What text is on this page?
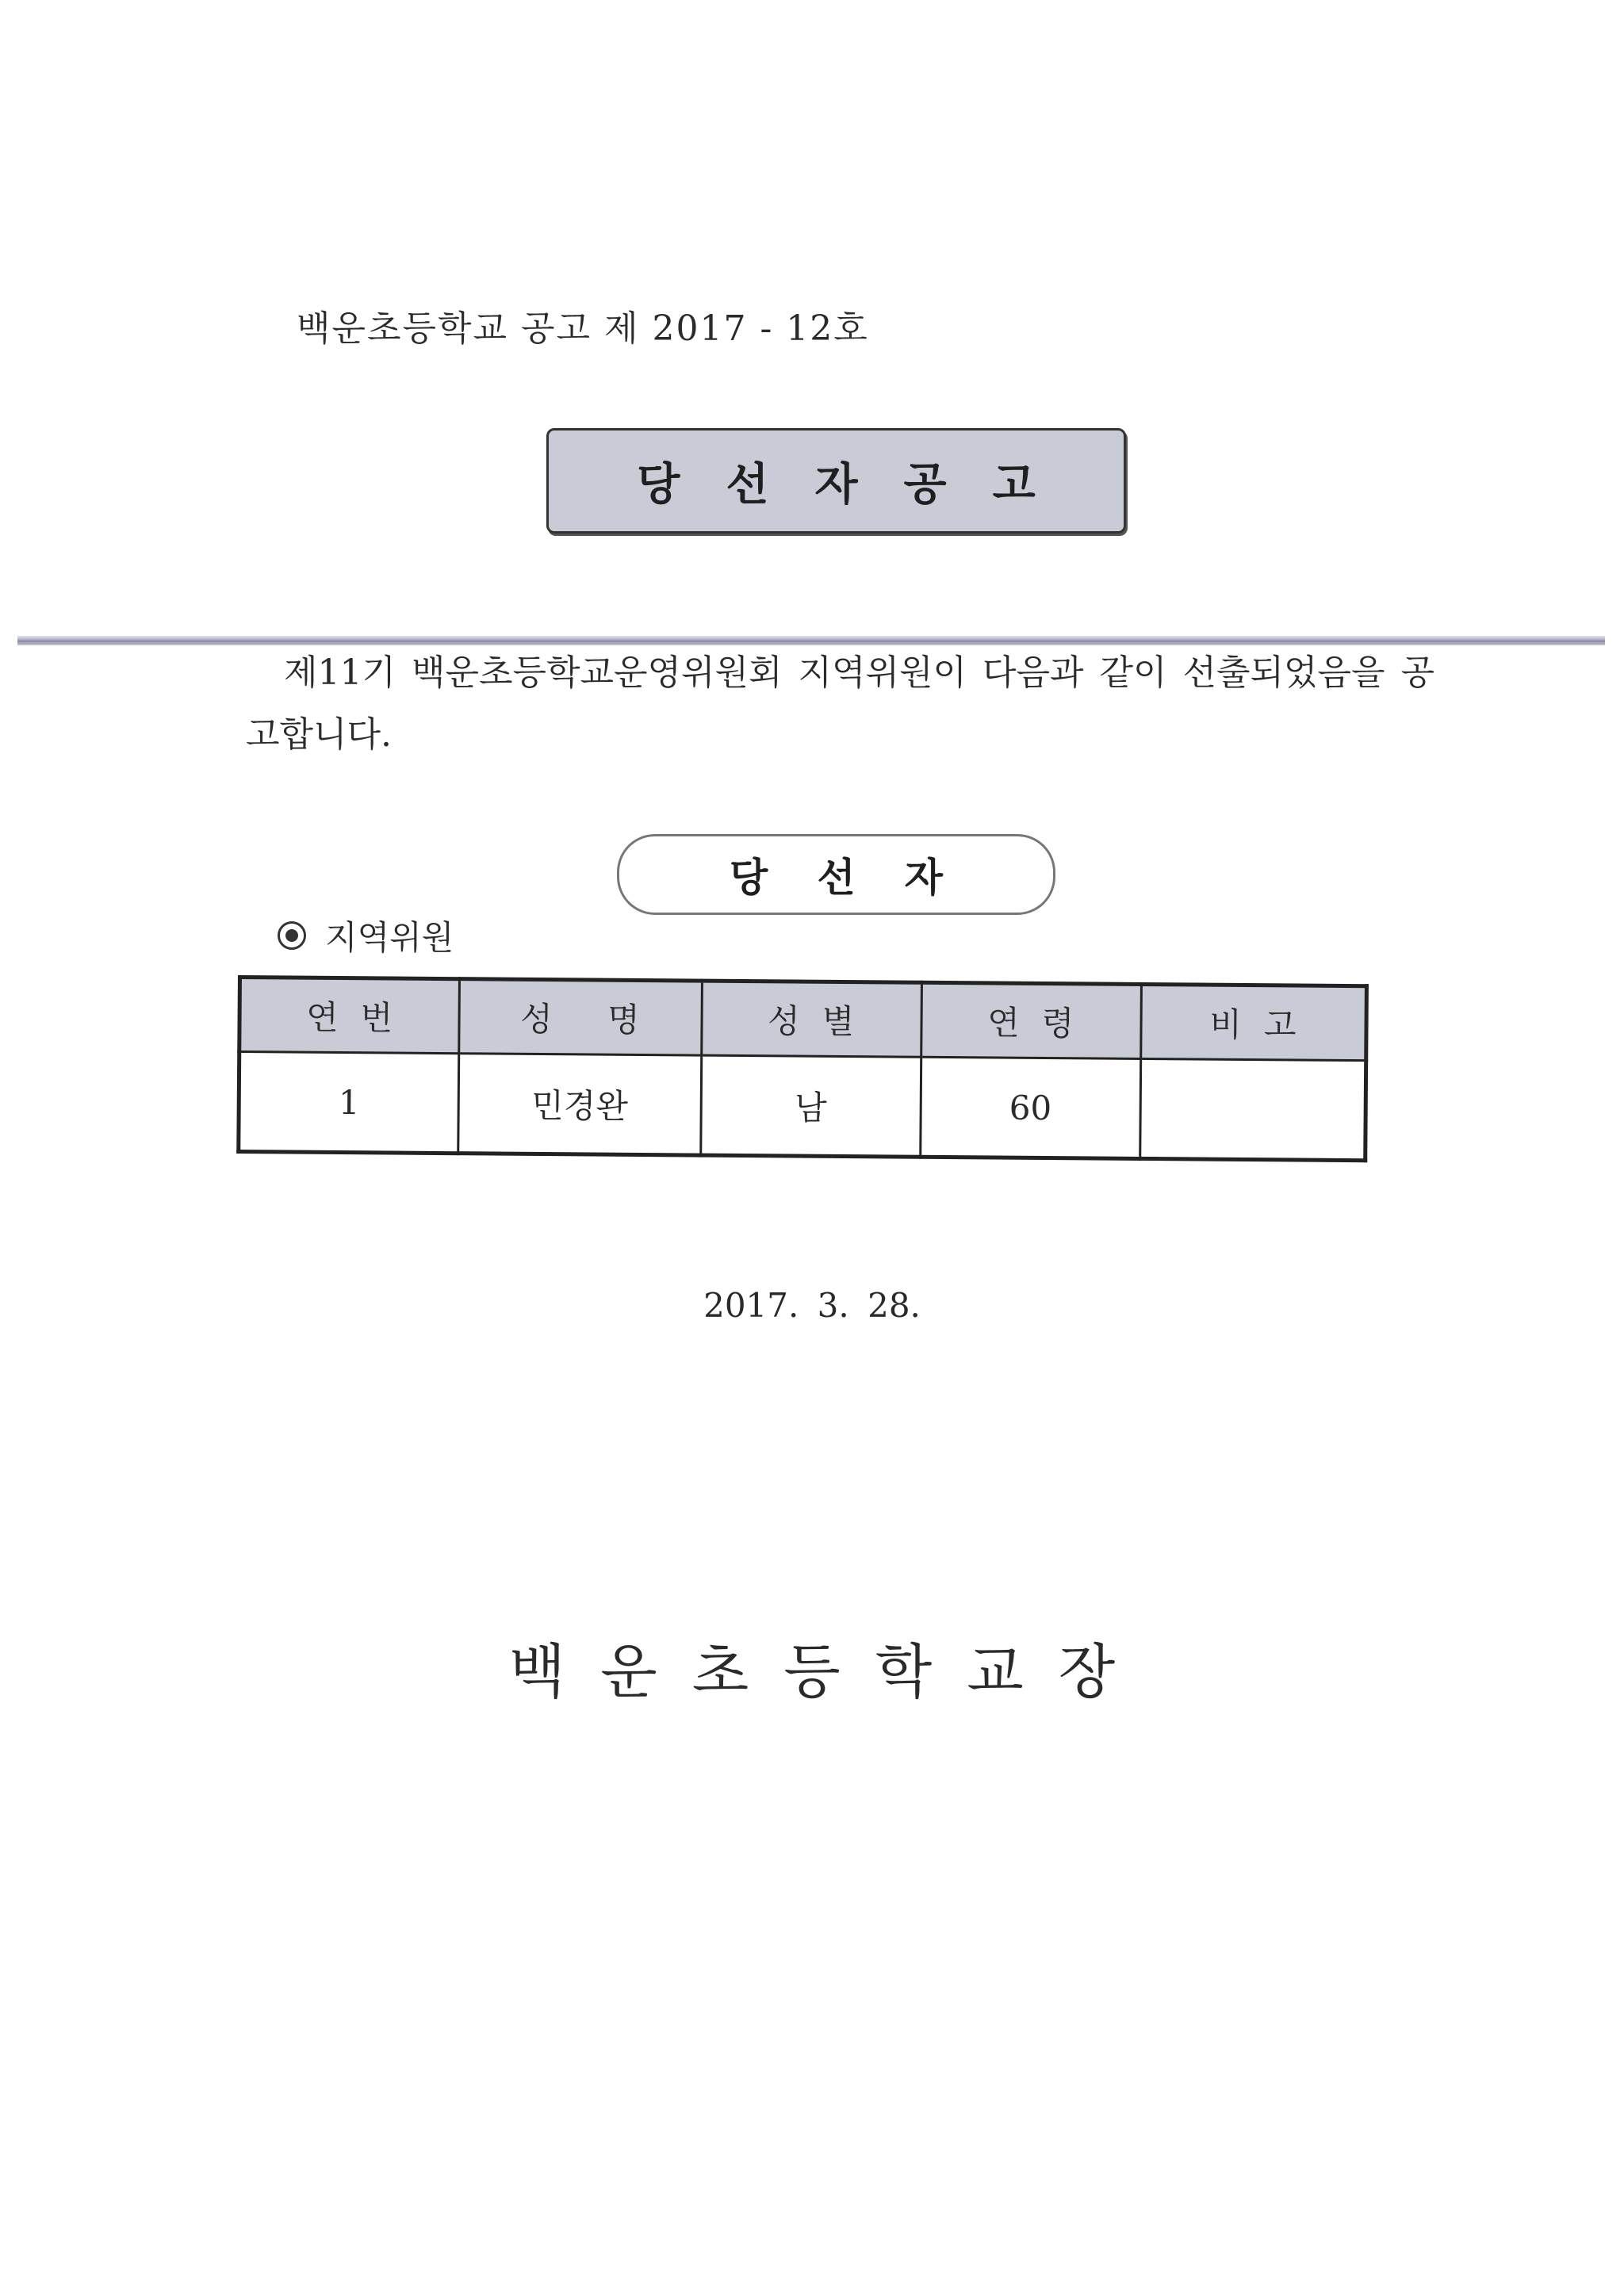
백운초등학교 공고 제 2017 - 12호
당선자공고
제11기 백운초등학교운영위원회 지역위원이 다음과 같이 선출되었음을 공고합니다.
당선자
지역위원
연번	성 명	성별	연령	비고
1	민경완	남	60	
2017. 3. 28.
백운초등학교장
